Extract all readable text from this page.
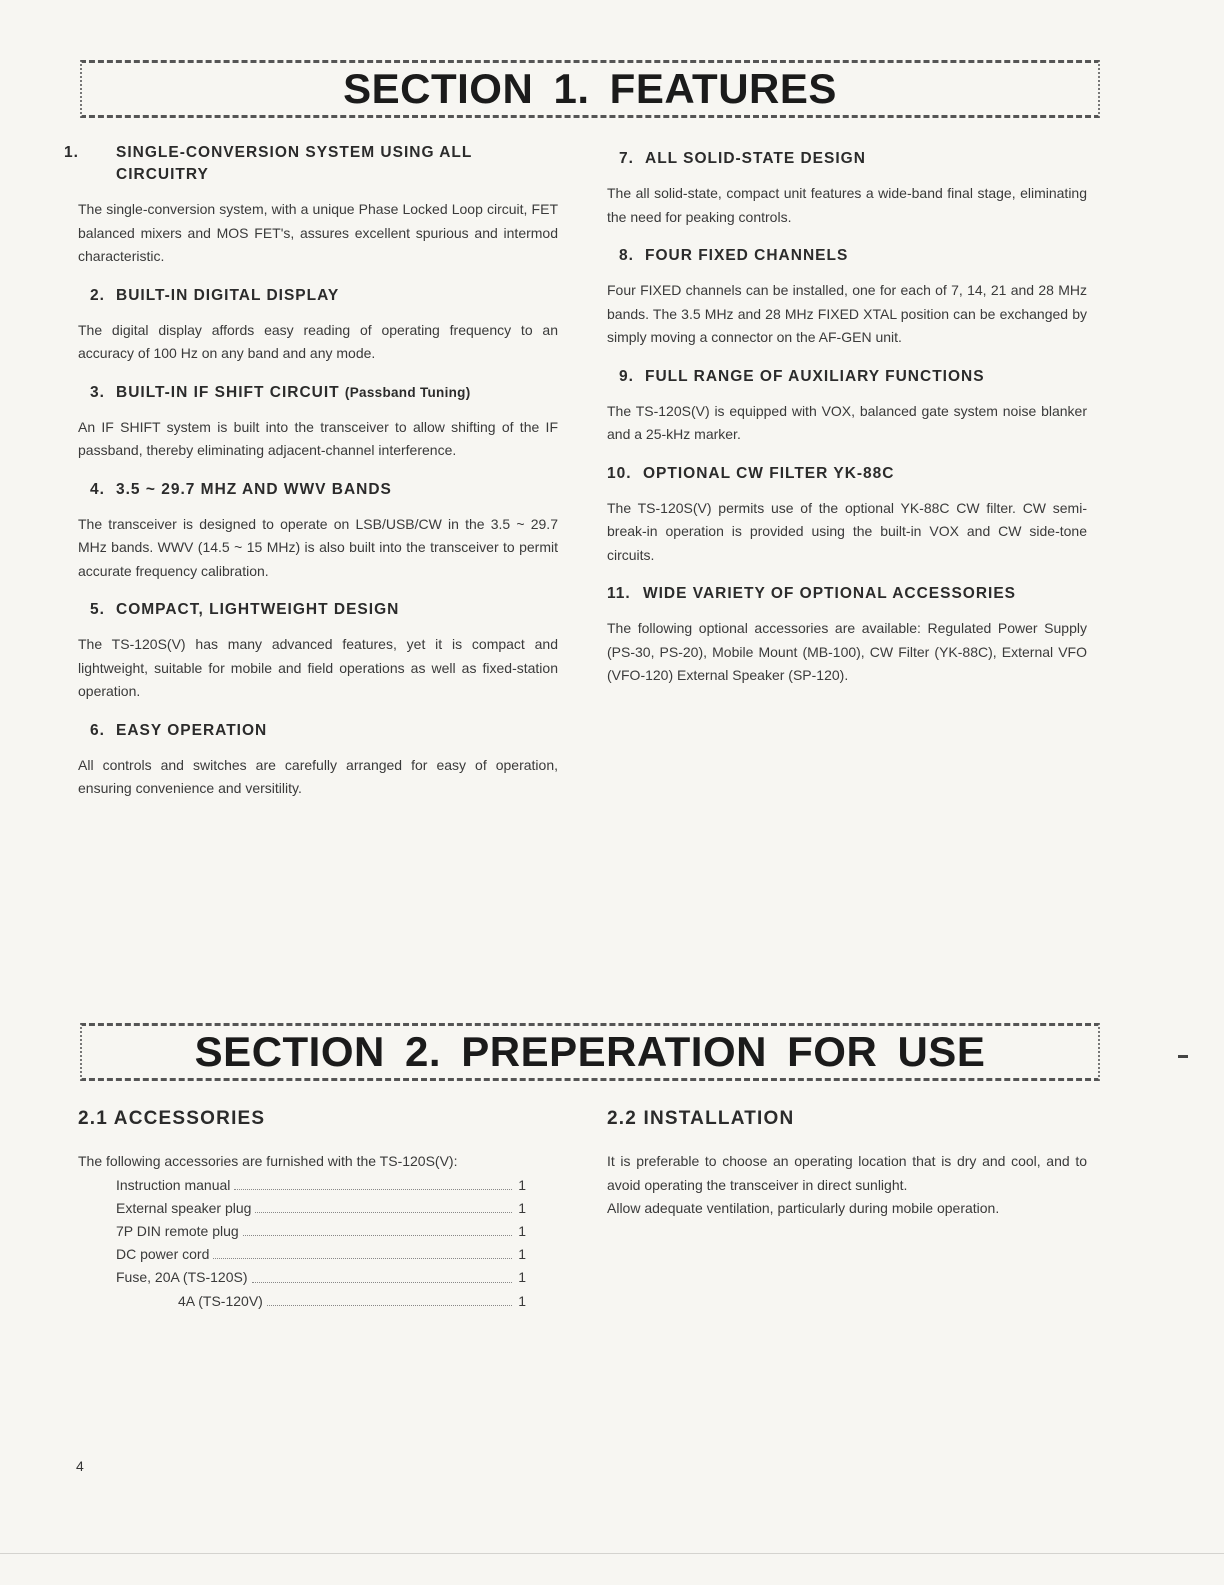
SECTION 1. FEATURES
1. SINGLE-CONVERSION SYSTEM USING ALL CIRCUITRY

The single-conversion system, with a unique Phase Locked Loop circuit, FET balanced mixers and MOS FET's, assures excellent spurious and intermod characteristic.

2. BUILT-IN DIGITAL DISPLAY

The digital display affords easy reading of operating frequency to an accuracy of 100 Hz on any band and any mode.

3. BUILT-IN IF SHIFT CIRCUIT (Passband Tuning)

An IF SHIFT system is built into the transceiver to allow shifting of the IF passband, thereby eliminating adjacent-channel interference.

4. 3.5 ~ 29.7 MHZ AND WWV BANDS

The transceiver is designed to operate on LSB/USB/CW in the 3.5 ~ 29.7 MHz bands. WWV (14.5 ~ 15 MHz) is also built into the transceiver to permit accurate frequency calibration.

5. COMPACT, LIGHTWEIGHT DESIGN

The TS-120S(V) has many advanced features, yet it is compact and lightweight, suitable for mobile and field operations as well as fixed-station operation.

6. EASY OPERATION

All controls and switches are carefully arranged for easy of operation, ensuring convenience and versitility.

7. ALL SOLID-STATE DESIGN

The all solid-state, compact unit features a wide-band final stage, eliminating the need for peaking controls.

8. FOUR FIXED CHANNELS

Four FIXED channels can be installed, one for each of 7, 14, 21 and 28 MHz bands. The 3.5 MHz and 28 MHz FIXED XTAL position can be exchanged by simply moving a connector on the AF-GEN unit.

9. FULL RANGE OF AUXILIARY FUNCTIONS

The TS-120S(V) is equipped with VOX, balanced gate system noise blanker and a 25-kHz marker.

10. OPTIONAL CW FILTER YK-88C

The TS-120S(V) permits use of the optional YK-88C CW filter. CW semi-break-in operation is provided using the built-in VOX and CW side-tone circuits.

11. WIDE VARIETY OF OPTIONAL ACCESSORIES

The following optional accessories are available: Regulated Power Supply (PS-30, PS-20), Mobile Mount (MB-100), CW Filter (YK-88C), External VFO (VFO-120) External Speaker (SP-120).

SECTION 2. PREPERATION FOR USE
2.1 ACCESSORIES

The following accessories are furnished with the TS-120S(V):

Instruction manual	1
External speaker plug	1
7P DIN remote plug	1
DC power cord	1
Fuse, 20A (TS-120S)	1
4A (TS-120V)	1
2.2 INSTALLATION

It is preferable to choose an operating location that is dry and cool, and to avoid operating the transceiver in direct sunlight.

Allow adequate ventilation, particularly during mobile operation.

4
